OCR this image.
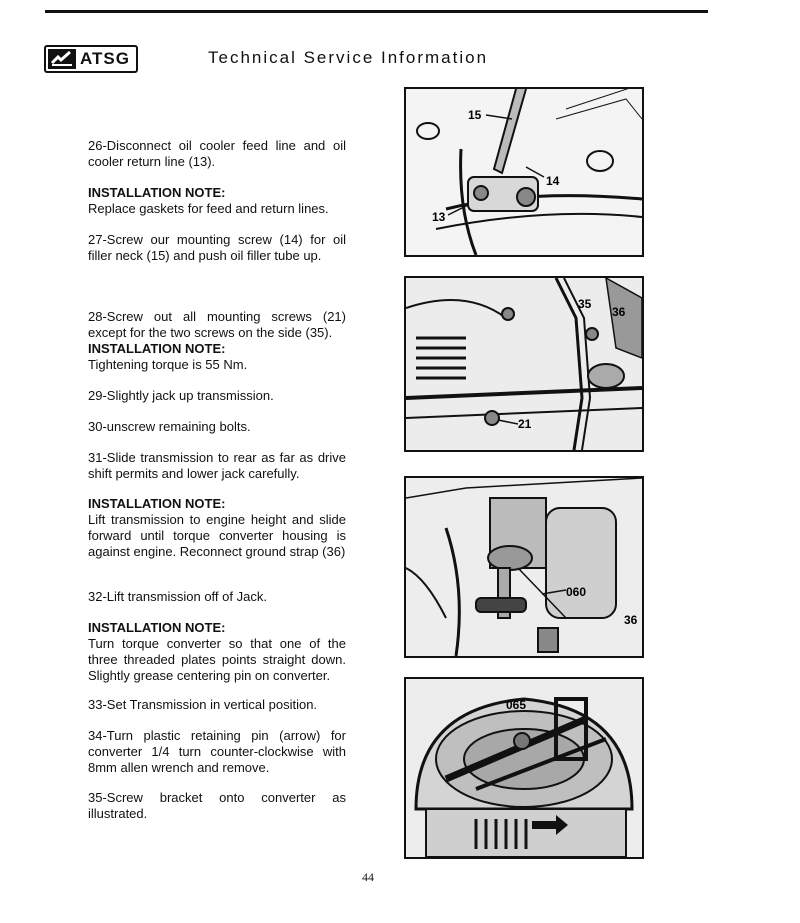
ATSG	Technical Service Information
26-Disconnect oil cooler feed line and oil cooler return line (13).
INSTALLATION NOTE:
Replace gaskets for feed and return lines.
27-Screw our mounting screw (14) for oil filler neck (15) and push oil filler tube up.
28-Screw out all mounting screws (21) except for the two screws on the side (35).
INSTALLATION NOTE:
Tightening torque is 55 Nm.
29-Slightly jack up transmission.
30-unscrew remaining bolts.
31-Slide transmission to rear as far as drive shift permits and lower jack carefully.
INSTALLATION NOTE:
Lift transmission to engine height and slide forward until torque converter housing is against engine. Reconnect ground strap (36)
32-Lift transmission off of Jack.
INSTALLATION NOTE:
Turn torque converter so that one of the three threaded plates points straight down. Slightly grease centering pin on converter.
33-Set Transmission in vertical position.
34-Turn plastic retaining pin (arrow) for converter 1/4 turn counter-clockwise with 8mm allen wrench and remove.
35-Screw bracket onto converter as illustrated.
15
14
13
35
36
21
060
36
065
44
